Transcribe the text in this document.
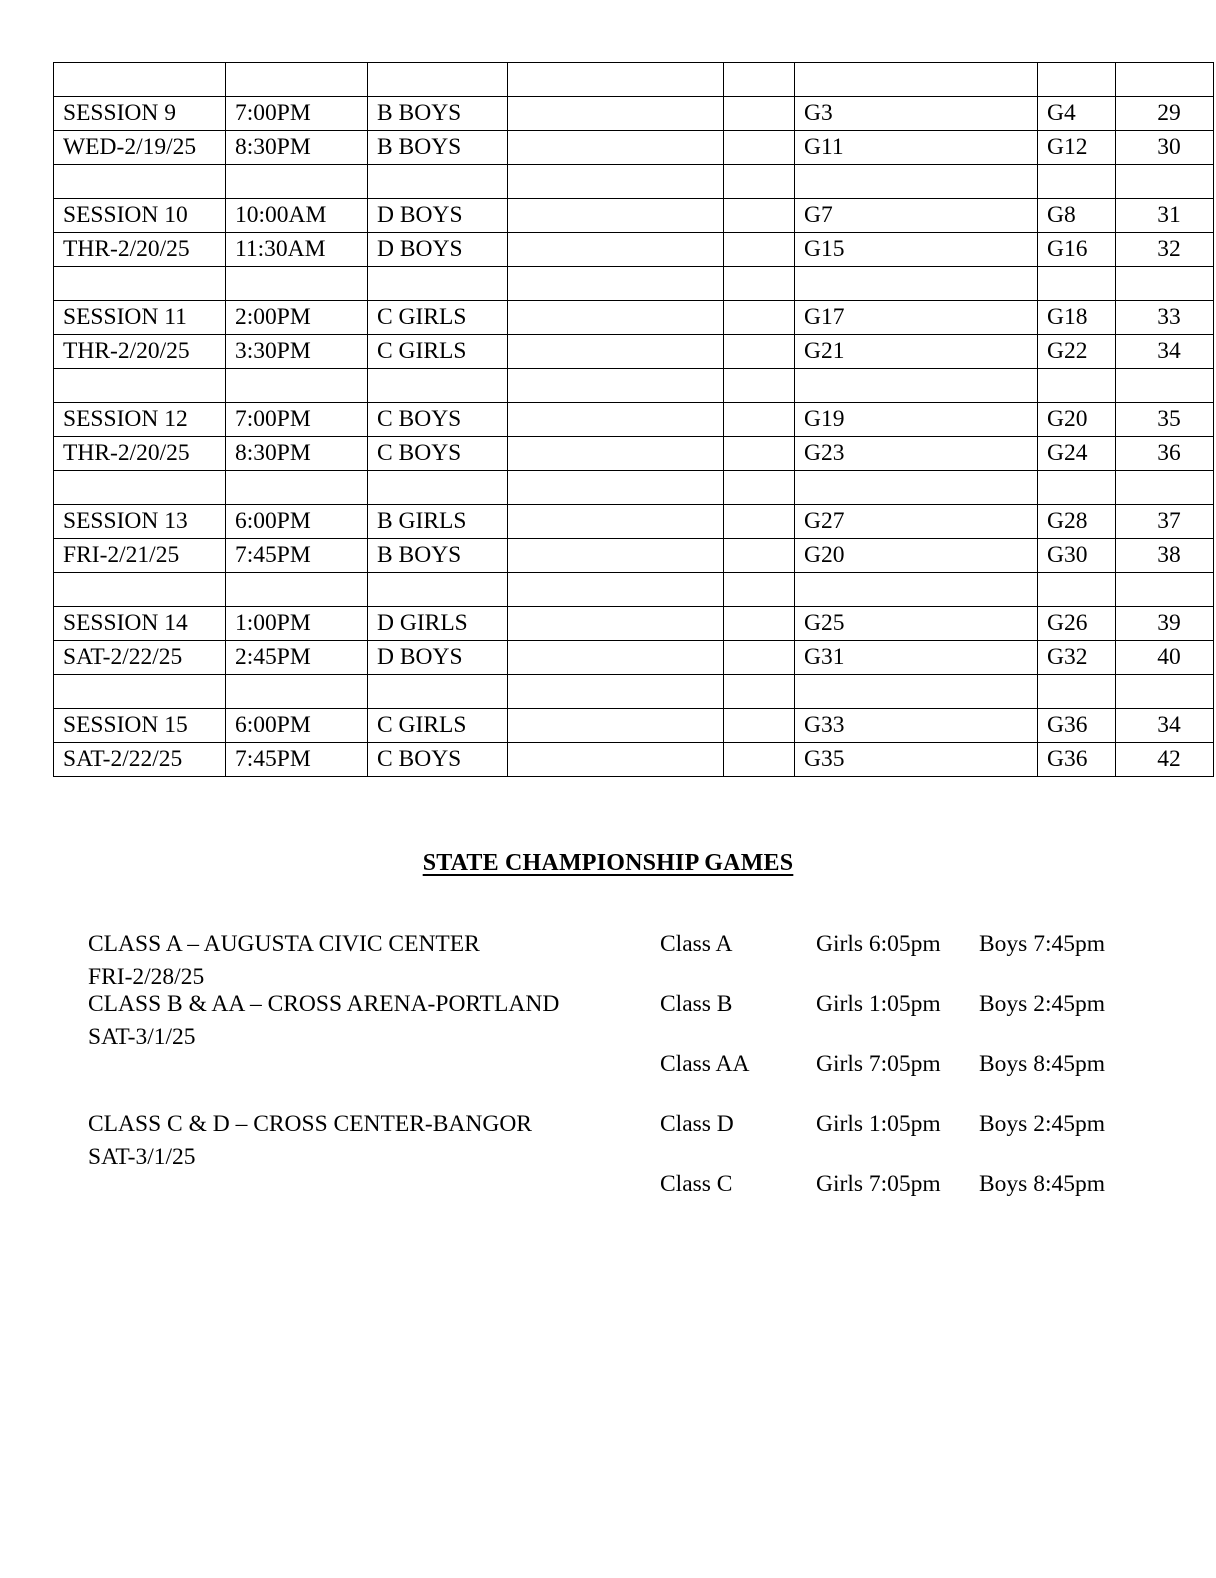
SESSION 9	7:00PM	B BOYS			G3	G4	29
WED-2/19/25	8:30PM	B BOYS			G11	G12	30

SESSION 10	10:00AM	D BOYS			G7	G8	31
THR-2/20/25	11:30AM	D BOYS			G15	G16	32

SESSION 11	2:00PM	C GIRLS			G17	G18	33
THR-2/20/25	3:30PM	C GIRLS			G21	G22	34

SESSION 12	7:00PM	C BOYS			G19	G20	35
THR-2/20/25	8:30PM	C BOYS			G23	G24	36

SESSION 13	6:00PM	B GIRLS			G27	G28	37
FRI-2/21/25	7:45PM	B BOYS			G20	G30	38

SESSION 14	1:00PM	D GIRLS			G25	G26	39
SAT-2/22/25	2:45PM	D BOYS			G31	G32	40

SESSION 15	6:00PM	C GIRLS			G33	G36	34
SAT-2/22/25	7:45PM	C BOYS			G35	G36	42
STATE CHAMPIONSHIP GAMES
CLASS A – AUGUSTA CIVIC CENTER
FRI-2/28/25
Class A	Girls 6:05pm Boys 7:45pm
CLASS B & AA – CROSS ARENA-PORTLAND
SAT-3/1/25
Class B	Girls 1:05pm Boys 2:45pm
Class AA	Girls 7:05pm Boys 8:45pm
CLASS C & D – CROSS CENTER-BANGOR
SAT-3/1/25
Class D	Girls 1:05pm Boys 2:45pm
Class C	Girls 7:05pm Boys 8:45pm
